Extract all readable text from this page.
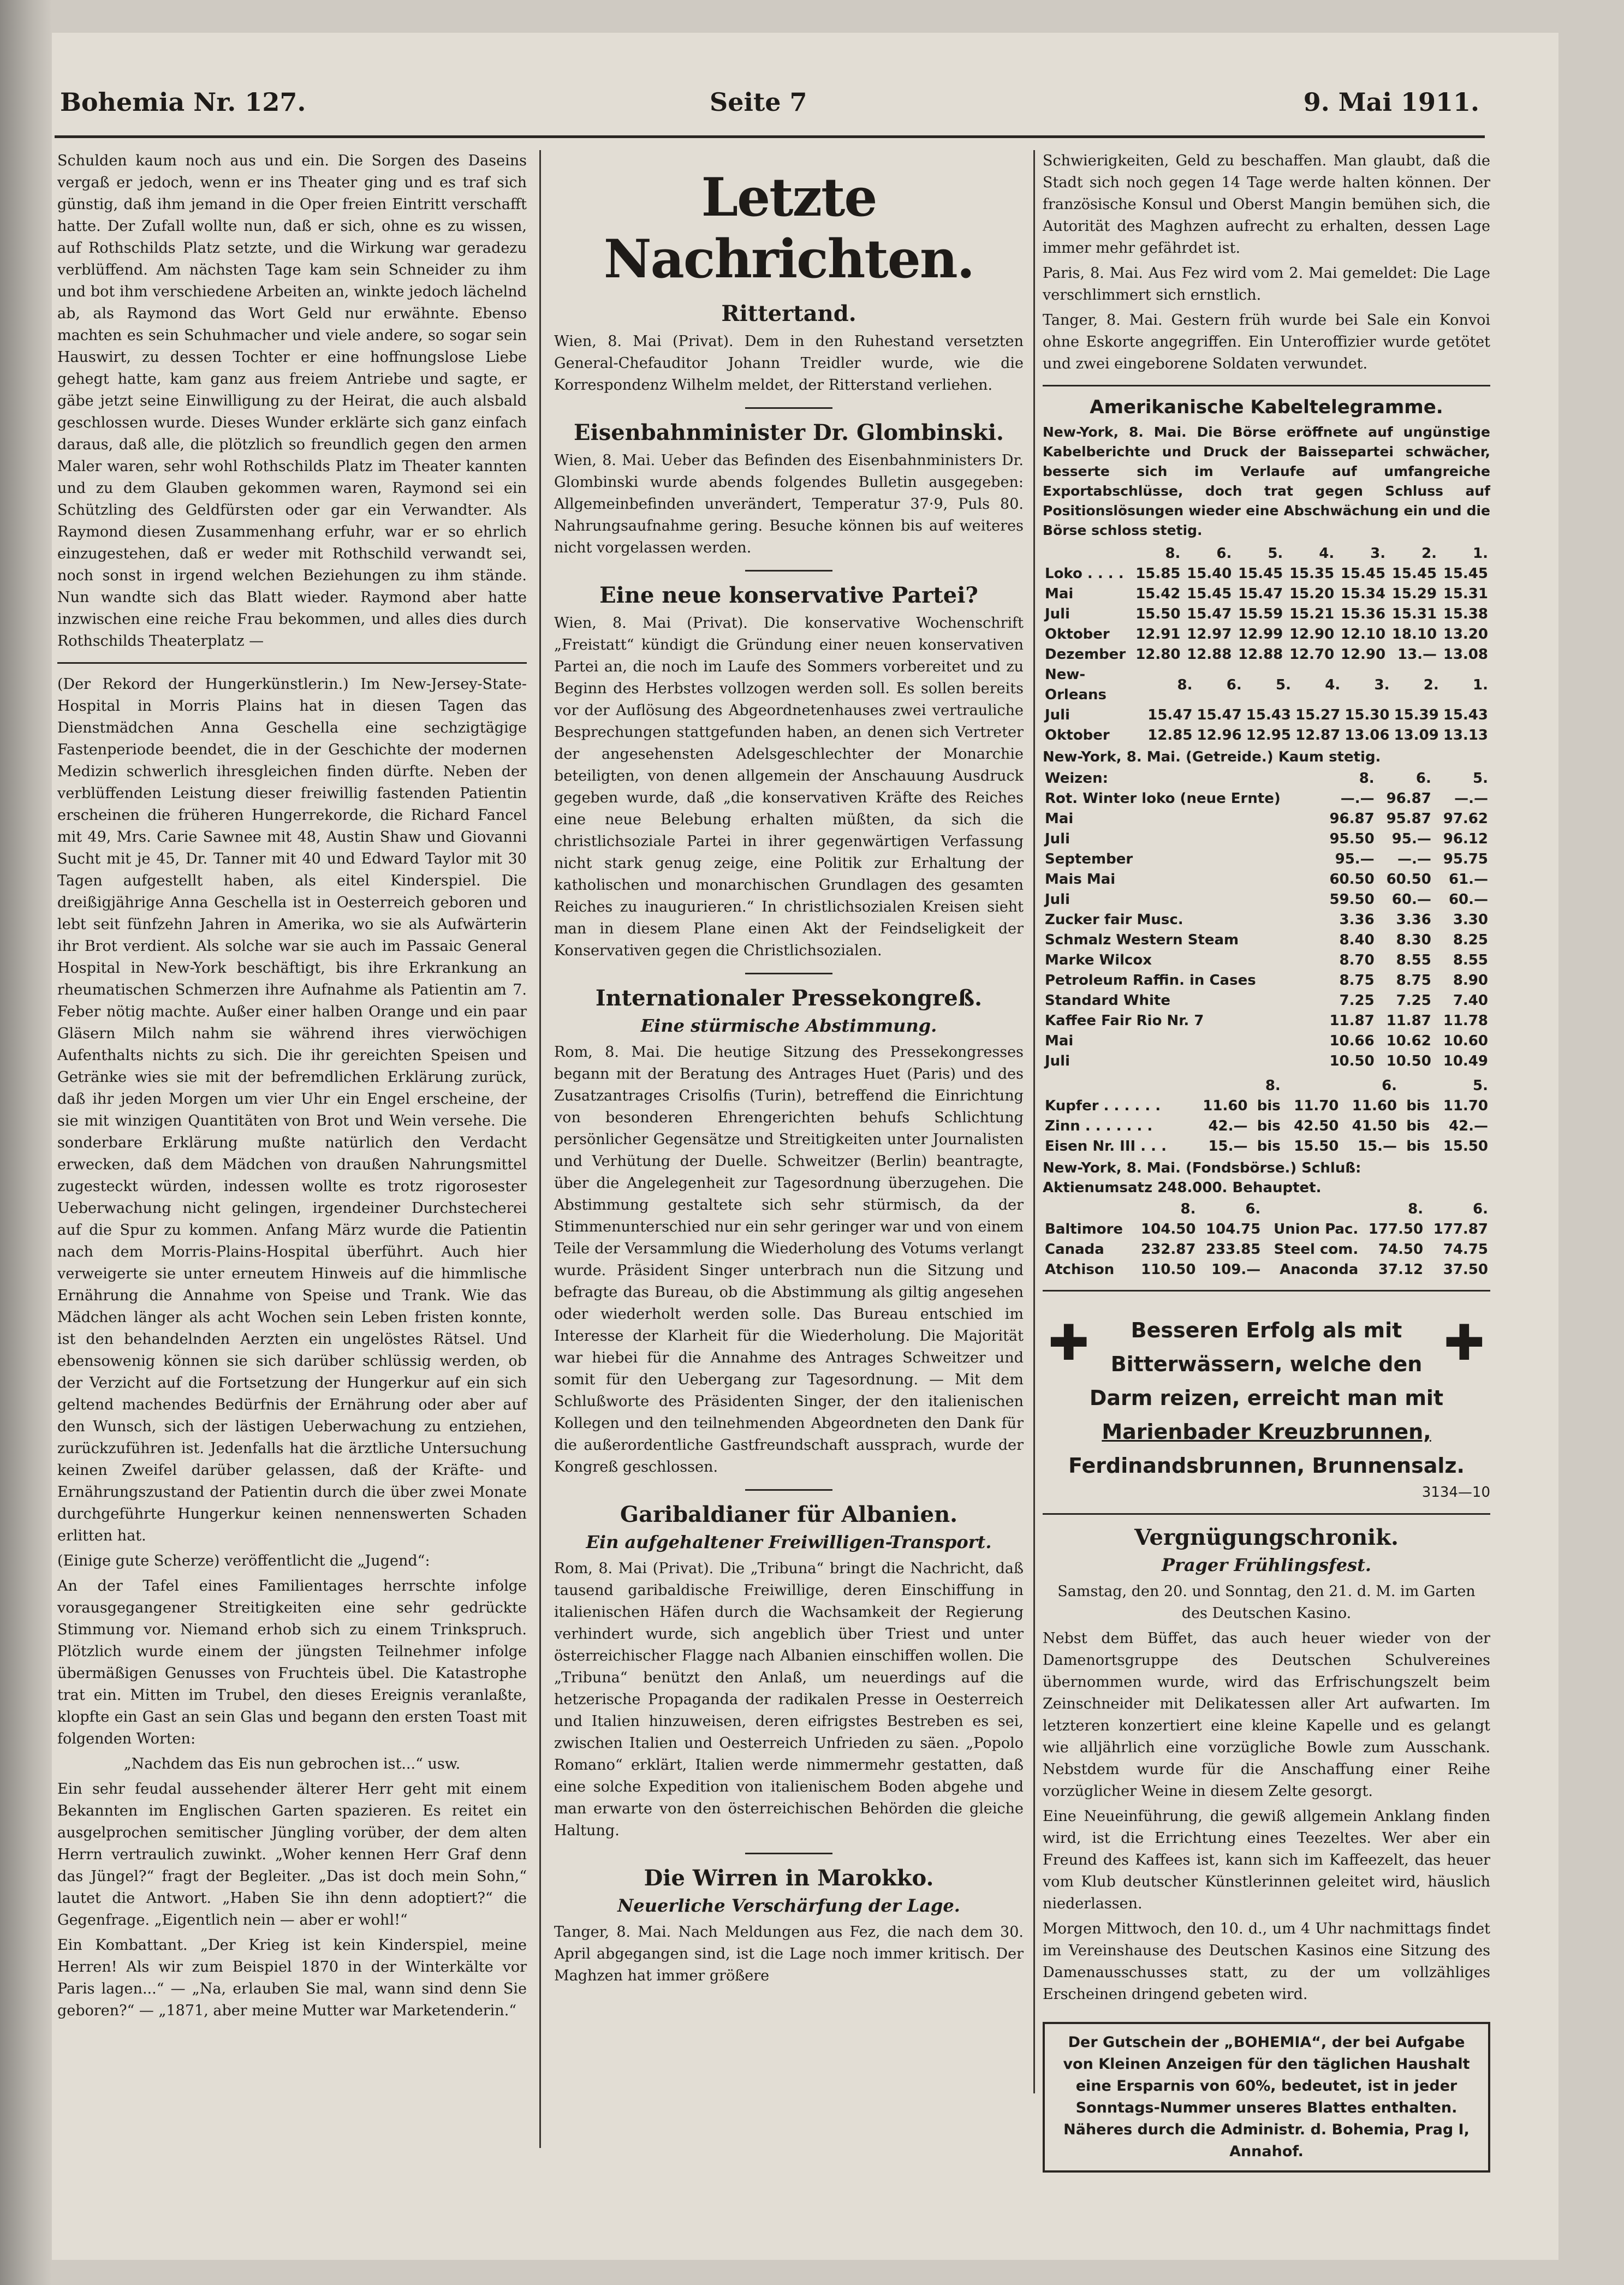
Bohemia Nr. 127.	Seite 7	9. Mai 1911.

Schulden kaum noch aus und ein. Die Sorgen des Daseins vergaß er jedoch, wenn er ins Theater ging und es traf sich günstig, daß ihm jemand in die Oper freien Eintritt verschafft hatte. Der Zufall wollte nun, daß er sich, ohne es zu wissen, auf Rothschilds Platz setzte, und die Wirkung war geradezu verblüffend. Am nächsten Tage kam sein Schneider zu ihm und bot ihm verschiedene Arbeiten an, winkte jedoch lächelnd ab, als Raymond das Wort Geld nur erwähnte. Ebenso machten es sein Schuhmacher und viele andere, so sogar sein Hauswirt, zu dessen Tochter er eine hoffnungslose Liebe gehegt hatte, kam ganz aus freiem Antriebe und sagte, er gäbe jetzt seine Einwilligung zu der Heirat, die auch alsbald geschlossen wurde. Dieses Wunder erklärte sich ganz einfach daraus, daß alle, die plötzlich so freundlich gegen den armen Maler waren, sehr wohl Rothschilds Platz im Theater kannten und zu dem Glauben gekommen waren, Raymond sei ein Schützling des Geldfürsten oder gar ein Verwandter. Als Raymond diesen Zusammenhang erfuhr, war er so ehrlich einzugestehen, daß er weder mit Rothschild verwandt sei, noch sonst in irgend welchen Beziehungen zu ihm stände. Nun wandte sich das Blatt wieder. Raymond aber hatte inzwischen eine reiche Frau bekommen, und alles dies durch Rothschilds Theaterplatz —

(Der Rekord der Hungerkünstlerin.) Im New-Jersey-State-Hospital in Morris Plains hat in diesen Tagen das Dienstmädchen Anna Geschella eine sechzigtägige Fastenperiode beendet, die in der Geschichte der modernen Medizin schwerlich ihresgleichen finden dürfte. Neben der verblüffenden Leistung dieser freiwillig fastenden Patientin erscheinen die früheren Hungerrekorde, die Richard Fancel mit 49, Mrs. Carie Sawnee mit 48, Austin Shaw und Giovanni Sucht mit je 45, Dr. Tanner mit 40 und Edward Taylor mit 30 Tagen aufgestellt haben, als eitel Kinderspiel. Die dreißigjährige Anna Geschella ist in Oesterreich geboren und lebt seit fünfzehn Jahren in Amerika, wo sie als Aufwärterin ihr Brot verdient. Als solche war sie auch im Passaic General Hospital in New-York beschäftigt, bis ihre Erkrankung an rheumatischen Schmerzen ihre Aufnahme als Patientin am 7. Feber nötig machte. Außer einer halben Orange und ein paar Gläsern Milch nahm sie während ihres vierwöchigen Aufenthalts nichts zu sich. Die ihr gereichten Speisen und Getränke wies sie mit der befremdlichen Erklärung zurück, daß ihr jeden Morgen um vier Uhr ein Engel erscheine, der sie mit winzigen Quantitäten von Brot und Wein versehe. Die sonderbare Erklärung mußte natürlich den Verdacht erwecken, daß dem Mädchen von draußen Nahrungsmittel zugesteckt würden, indessen wollte es trotz rigorosester Ueberwachung nicht gelingen, irgendeiner Durchstecherei auf die Spur zu kommen. Anfang März wurde die Patientin nach dem Morris-Plains-Hospital überführt. Auch hier verweigerte sie unter erneutem Hinweis auf die himmlische Ernährung die Annahme von Speise und Trank. Wie das Mädchen länger als acht Wochen sein Leben fristen konnte, ist den behandelnden Aerzten ein ungelöstes Rätsel. Und ebensowenig können sie sich darüber schlüssig werden, ob der Verzicht auf die Fortsetzung der Hungerkur auf ein sich geltend machendes Bedürfnis der Ernährung oder aber auf den Wunsch, sich der lästigen Ueberwachung zu entziehen, zurückzuführen ist. Jedenfalls hat die ärztliche Untersuchung keinen Zweifel darüber gelassen, daß der Kräfte- und Ernährungszustand der Patientin durch die über zwei Monate durchgeführte Hungerkur keinen nennenswerten Schaden erlitten hat.

(Einige gute Scherze) veröffentlicht die „Jugend“:

An der Tafel eines Familientages herrschte infolge vorausgegangener Streitigkeiten eine sehr gedrückte Stimmung vor. Niemand erhob sich zu einem Trinkspruch. Plötzlich wurde einem der jüngsten Teilnehmer infolge übermäßigen Genusses von Fruchteis übel. Die Katastrophe trat ein. Mitten im Trubel, den dieses Ereignis veranlaßte, klopfte ein Gast an sein Glas und begann den ersten Toast mit folgenden Worten:

„Nachdem das Eis nun gebrochen ist...“ usw.

Ein sehr feudal aussehender älterer Herr geht mit einem Bekannten im Englischen Garten spazieren. Es reitet ein ausgelprochen semitischer Jüngling vorüber, der dem alten Herrn vertraulich zuwinkt. „Woher kennen Herr Graf denn das Jüngel?“ fragt der Begleiter. „Das ist doch mein Sohn,“ lautet die Antwort. „Haben Sie ihn denn adoptiert?“ die Gegenfrage. „Eigentlich nein — aber er wohl!“

Ein Kombattant. „Der Krieg ist kein Kinderspiel, meine Herren! Als wir zum Beispiel 1870 in der Winterkälte vor Paris lagen...“ — „Na, erlauben Sie mal, wann sind denn Sie geboren?“ — „1871, aber meine Mutter war Marketenderin.“

Letzte Nachrichten.
Rittertand.

Wien, 8. Mai (Privat). Dem in den Ruhestand versetzten General-Chefauditor Johann Treidler wurde, wie die Korrespondenz Wilhelm meldet, der Ritterstand verliehen.

Eisenbahnminister Dr. Glombinski.

Wien, 8. Mai. Ueber das Befinden des Eisenbahnministers Dr. Glombinski wurde abends folgendes Bulletin ausgegeben: Allgemeinbefinden unverändert, Temperatur 37·9, Puls 80. Nahrungsaufnahme gering. Besuche können bis auf weiteres nicht vorgelassen werden.

Eine neue konservative Partei?

Wien, 8. Mai (Privat). Die konservative Wochenschrift „Freistatt“ kündigt die Gründung einer neuen konservativen Partei an, die noch im Laufe des Sommers vorbereitet und zu Beginn des Herbstes vollzogen werden soll. Es sollen bereits vor der Auflösung des Abgeordnetenhauses zwei vertrauliche Besprechungen stattgefunden haben, an denen sich Vertreter der angesehensten Adelsgeschlechter der Monarchie beteiligten, von denen allgemein der Anschauung Ausdruck gegeben wurde, daß „die konservativen Kräfte des Reiches eine neue Belebung erhalten müßten, da sich die christlichsoziale Partei in ihrer gegenwärtigen Verfassung nicht stark genug zeige, eine Politik zur Erhaltung der katholischen und monarchischen Grundlagen des gesamten Reiches zu inaugurieren.“ In christlichsozialen Kreisen sieht man in diesem Plane einen Akt der Feindseligkeit der Konservativen gegen die Christlichsozialen.

Internationaler Pressekongreß.
Eine stürmische Abstimmung.

Rom, 8. Mai. Die heutige Sitzung des Pressekongresses begann mit der Beratung des Antrages Huet (Paris) und des Zusatzantrages Crisolfis (Turin), betreffend die Einrichtung von besonderen Ehrengerichten behufs Schlichtung persönlicher Gegensätze und Streitigkeiten unter Journalisten und Verhütung der Duelle. Schweitzer (Berlin) beantragte, über die Angelegenheit zur Tagesordnung überzugehen. Die Abstimmung gestaltete sich sehr stürmisch, da der Stimmenunterschied nur ein sehr geringer war und von einem Teile der Versammlung die Wiederholung des Votums verlangt wurde. Präsident Singer unterbrach nun die Sitzung und befragte das Bureau, ob die Abstimmung als giltig angesehen oder wiederholt werden solle. Das Bureau entschied im Interesse der Klarheit für die Wiederholung. Die Majorität war hiebei für die Annahme des Antrages Schweitzer und somit für den Uebergang zur Tagesordnung. — Mit dem Schlußworte des Präsidenten Singer, der den italienischen Kollegen und den teilnehmenden Abgeordneten den Dank für die außerordentliche Gastfreundschaft aussprach, wurde der Kongreß geschlossen.

Garibaldianer für Albanien.
Ein aufgehaltener Freiwilligen-Transport.

Rom, 8. Mai (Privat). Die „Tribuna“ bringt die Nachricht, daß tausend garibaldische Freiwillige, deren Einschiffung in italienischen Häfen durch die Wachsamkeit der Regierung verhindert wurde, sich angeblich über Triest und unter österreichischer Flagge nach Albanien einschiffen wollen. Die „Tribuna“ benützt den Anlaß, um neuerdings auf die hetzerische Propaganda der radikalen Presse in Oesterreich und Italien hinzuweisen, deren eifrigstes Bestreben es sei, zwischen Italien und Oesterreich Unfrieden zu säen. „Popolo Romano“ erklärt, Italien werde nimmermehr gestatten, daß eine solche Expedition von italienischem Boden abgehe und man erwarte von den österreichischen Behörden die gleiche Haltung.

Die Wirren in Marokko.
Neuerliche Verschärfung der Lage.

Tanger, 8. Mai. Nach Meldungen aus Fez, die nach dem 30. April abgegangen sind, ist die Lage noch immer kritisch. Der Maghzen hat immer größere

Schwierigkeiten, Geld zu beschaffen. Man glaubt, daß die Stadt sich noch gegen 14 Tage werde halten können. Der französische Konsul und Oberst Mangin bemühen sich, die Autorität des Maghzen aufrecht zu erhalten, dessen Lage immer mehr gefährdet ist.

Paris, 8. Mai. Aus Fez wird vom 2. Mai gemeldet: Die Lage verschlimmert sich ernstlich.

Tanger, 8. Mai. Gestern früh wurde bei Sale ein Konvoi ohne Eskorte angegriffen. Ein Unteroffizier wurde getötet und zwei eingeborene Soldaten verwundet.

Amerikanische Kabeltelegramme.

New-York, 8. Mai. Die Börse eröffnete auf ungünstige Kabelberichte und Druck der Baissepartei schwächer, besserte sich im Verlaufe auf umfangreiche Exportabschlüsse, doch trat gegen Schluss auf Positionslösungen wieder eine Abschwächung ein und die Börse schloss stetig.

	8.	6.	5.	4.	3.	2.	1.
Loko . . . .	15.85	15.40	15.45	15.35	15.45	15.45	15.45
Mai	15.42	15.45	15.47	15.20	15.34	15.29	15.31
Juli	15.50	15.47	15.59	15.21	15.36	15.31	15.38
Oktober	12.91	12.97	12.99	12.90	12.10	18.10	13.20
Dezember	12.80	12.88	12.88	12.70	12.90	13.—	13.08
New-Orleans	8.	6.	5.	4.	3.	2.	1.
Juli	15.47	15.47	15.43	15.27	15.30	15.39	15.43
Oktober	12.85	12.96	12.95	12.87	13.06	13.09	13.13
New-York, 8. Mai. (Getreide.) Kaum stetig.
Weizen:	8.	6.	5.
Rot. Winter loko (neue Ernte)	—.—	96.87	—.—
Mai	96.87	95.87	97.62
Juli	95.50	95.—	96.12
September	95.—	—.—	95.75
Mais Mai	60.50	60.50	61.—
Juli	59.50	60.—	60.—
Zucker fair Musc.	3.36	3.36	3.30
Schmalz Western Steam	8.40	8.30	8.25
Marke Wilcox	8.70	8.55	8.55
Petroleum Raffin. in Cases	8.75	8.75	8.90
Standard White	7.25	7.25	7.40
Kaffee Fair Rio Nr. 7	11.87	11.87	11.78
Mai	10.66	10.62	10.60
Juli	10.50	10.50	10.49
		8.		6.		5.
Kupfer . . . . . .	11.60	bis	11.70	11.60	bis	11.70
Zinn . . . . . . .	42.—	bis	42.50	41.50	bis	42.—
Eisen Nr. III . . .	15.—	bis	15.50	15.—	bis	15.50
New-York, 8. Mai. (Fondsbörse.) Schluß:
Aktienumsatz 248.000. Behauptet.
	8.	6.		8.	6.
Baltimore	104.50	104.75	Union Pac.	177.50	177.87
Canada	232.87	233.85	Steel com.	74.50	74.75
Atchison	110.50	109.—	Anaconda	37.12	37.50
✚	✚
Besseren Erfolg als mit
Bitterwässern, welche den
Darm reizen, erreicht man mit
Marienbader Kreuzbrunnen,
Ferdinandsbrunnen, Brunnensalz.
3134—10
Vergnügungschronik.
Prager Frühlingsfest.

Samstag, den 20. und Sonntag, den 21. d. M. im Garten des Deutschen Kasino.

Nebst dem Büffet, das auch heuer wieder von der Damenortsgruppe des Deutschen Schulvereines übernommen wurde, wird das Erfrischungszelt beim Zeinschneider mit Delikatessen aller Art aufwarten. Im letzteren konzertiert eine kleine Kapelle und es gelangt wie alljährlich eine vorzügliche Bowle zum Ausschank. Nebstdem wurde für die Anschaffung einer Reihe vorzüglicher Weine in diesem Zelte gesorgt.

Eine Neueinführung, die gewiß allgemein Anklang finden wird, ist die Errichtung eines Teezeltes. Wer aber ein Freund des Kaffees ist, kann sich im Kaffeezelt, das heuer vom Klub deutscher Künstlerinnen geleitet wird, häuslich niederlassen.

Morgen Mittwoch, den 10. d., um 4 Uhr nachmittags findet im Vereinshause des Deutschen Kasinos eine Sitzung des Damenausschusses statt, zu der um vollzähliges Erscheinen dringend gebeten wird.

Der Gutschein der „BOHEMIA“, der bei Aufgabe von Kleinen Anzeigen für den täglichen Haushalt eine Ersparnis von 60%, bedeutet, ist in jeder Sonntags-Nummer unseres Blattes enthalten. Näheres durch die Administr. d. Bohemia, Prag I, Annahof.
